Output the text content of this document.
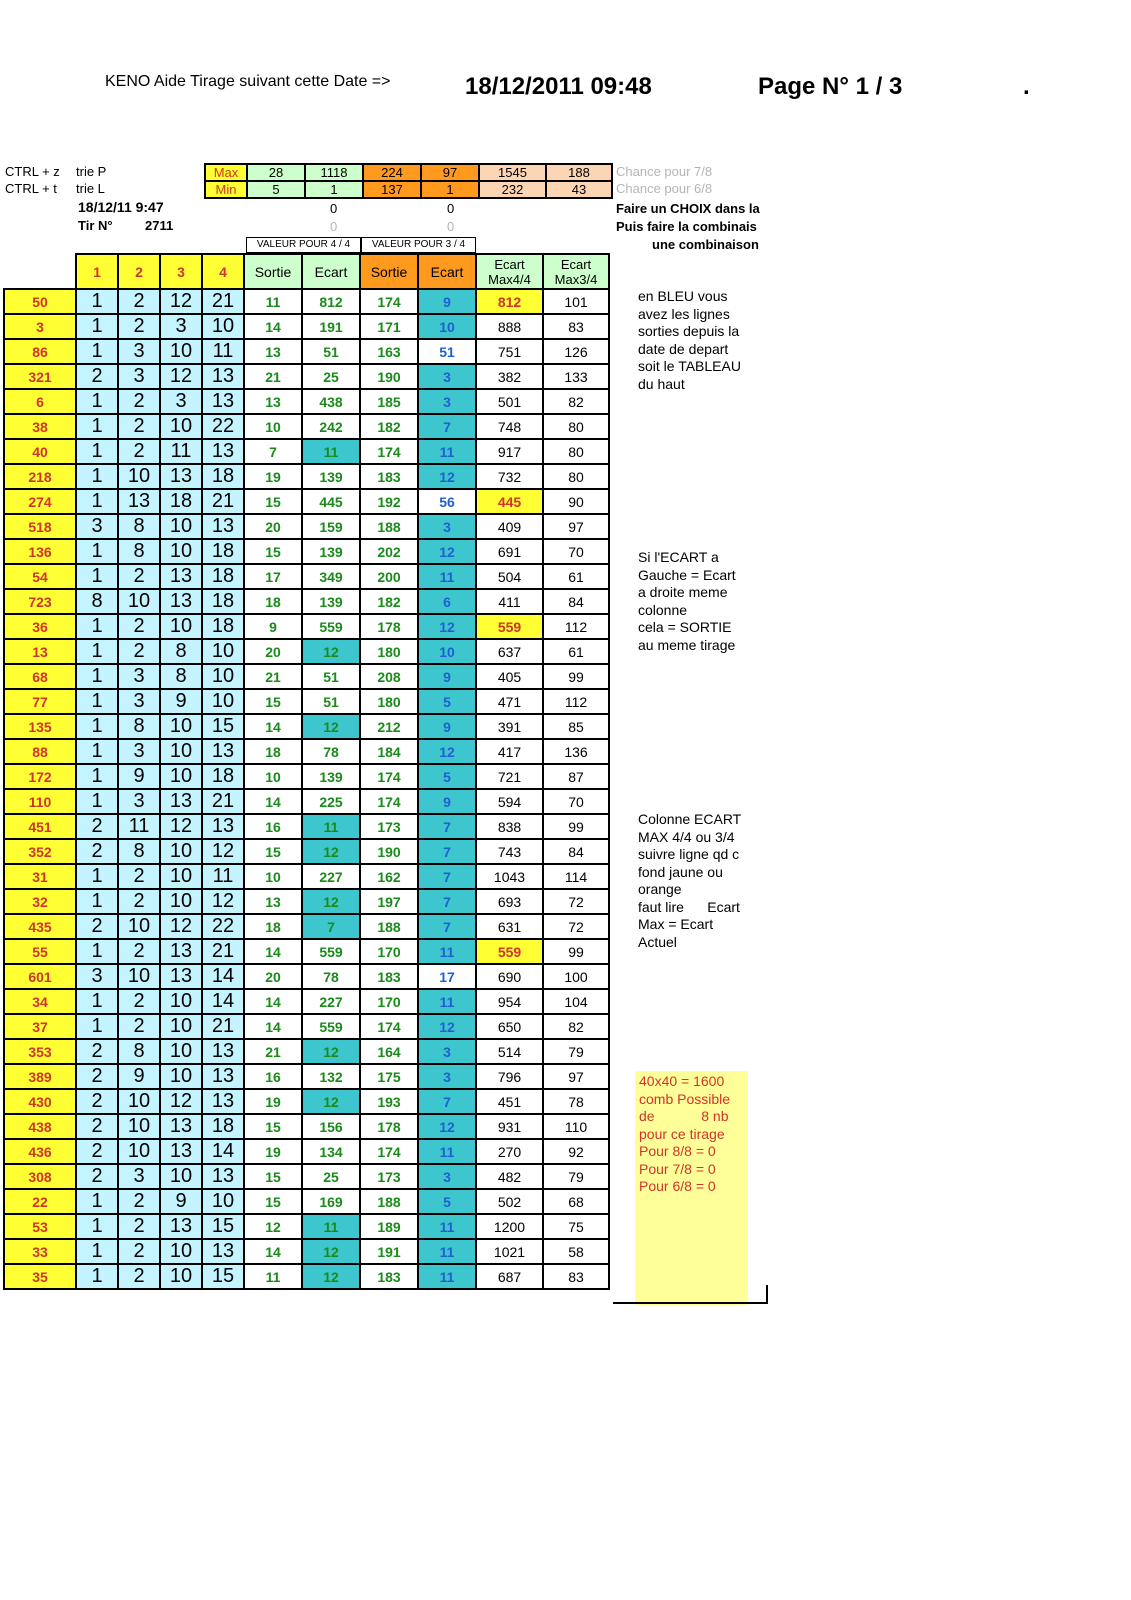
KENO Aide Tirage suivant cette Date =>	18/12/2011 09:48	Page N° 1 / 3	.
CTRL + z trie P
CTRL + t trie L
18/12/11 9:47
Tir N° 2711
Max	28	1118	224	97	1545	188
Min	5	1	137	1	232	43
Chance pour 7/8
Chance pour 6/8
0	0
0	0
Faire un CHOIX dans la
Puis faire la combinais
une combinaison
VALEUR POUR 4 / 4	VALEUR POUR 3 / 4
	1	2	3	4	Sortie	Ecart	Sortie	Ecart	Ecart Max4/4	Ecart Max3/4
50	1	2	12	21	11	812	174	9	812	101
3	1	2	3	10	14	191	171	10	888	83
86	1	3	10	11	13	51	163	51	751	126
321	2	3	12	13	21	25	190	3	382	133
6	1	2	3	13	13	438	185	3	501	82
38	1	2	10	22	10	242	182	7	748	80
40	1	2	11	13	7	11	174	11	917	80
218	1	10	13	18	19	139	183	12	732	80
274	1	13	18	21	15	445	192	56	445	90
518	3	8	10	13	20	159	188	3	409	97
136	1	8	10	18	15	139	202	12	691	70
54	1	2	13	18	17	349	200	11	504	61
723	8	10	13	18	18	139	182	6	411	84
36	1	2	10	18	9	559	178	12	559	112
13	1	2	8	10	20	12	180	10	637	61
68	1	3	8	10	21	51	208	9	405	99
77	1	3	9	10	15	51	180	5	471	112
135	1	8	10	15	14	12	212	9	391	85
88	1	3	10	13	18	78	184	12	417	136
172	1	9	10	18	10	139	174	5	721	87
110	1	3	13	21	14	225	174	9	594	70
451	2	11	12	13	16	11	173	7	838	99
352	2	8	10	12	15	12	190	7	743	84
31	1	2	10	11	10	227	162	7	1043	114
32	1	2	10	12	13	12	197	7	693	72
435	2	10	12	22	18	7	188	7	631	72
55	1	2	13	21	14	559	170	11	559	99
601	3	10	13	14	20	78	183	17	690	100
34	1	2	10	14	14	227	170	11	954	104
37	1	2	10	21	14	559	174	12	650	82
353	2	8	10	13	21	12	164	3	514	79
389	2	9	10	13	16	132	175	3	796	97
430	2	10	12	13	19	12	193	7	451	78
438	2	10	13	18	15	156	178	12	931	110
436	2	10	13	14	19	134	174	11	270	92
308	2	3	10	13	15	25	173	3	482	79
22	1	2	9	10	15	169	188	5	502	68
53	1	2	13	15	12	11	189	11	1200	75
33	1	2	10	13	14	12	191	11	1021	58
35	1	2	10	15	11	12	183	11	687	83
en BLEU vous
avez les lignes
sorties depuis la
date de depart
soit le TABLEAU
du haut
Si l'ECART a
Gauche = Ecart
a droite meme
colonne
cela = SORTIE
au meme tirage
Colonne ECART
MAX 4/4 ou 3/4
suivre ligne qd c
fond jaune ou
orange
faut lire      Ecart
Max = Ecart
Actuel
40x40 = 1600
comb Possible
de            8 nb
pour ce tirage
Pour 8/8 = 0
Pour 7/8 = 0
Pour 6/8 = 0
